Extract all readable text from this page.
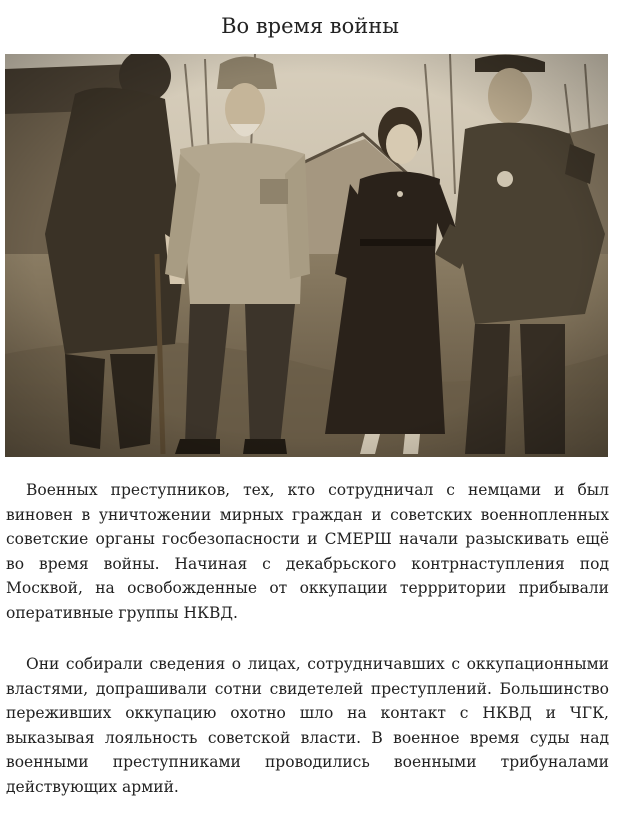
Во время войны

Военных преступников, тех, кто сотрудничал с немцами и был виновен в уничтожении мирных граждан и советских военнопленных советские органы госбезопасности и СМЕРШ начали разыскивать ещё во время войны. Начиная с декабрьского контрнаступления под Москвой, на освобожденные от оккупации террритории прибывали оперативные группы НКВД.

Они собирали сведения о лицах, сотрудничавших с оккупационными властями, допрашивали сотни свидетелей преступлений. Большинство переживших оккупацию охотно шло на контакт с НКВД и ЧГК, выказывая лояльность советской власти. В военное время суды над военными преступниками проводились военными трибуналами действующих армий.
